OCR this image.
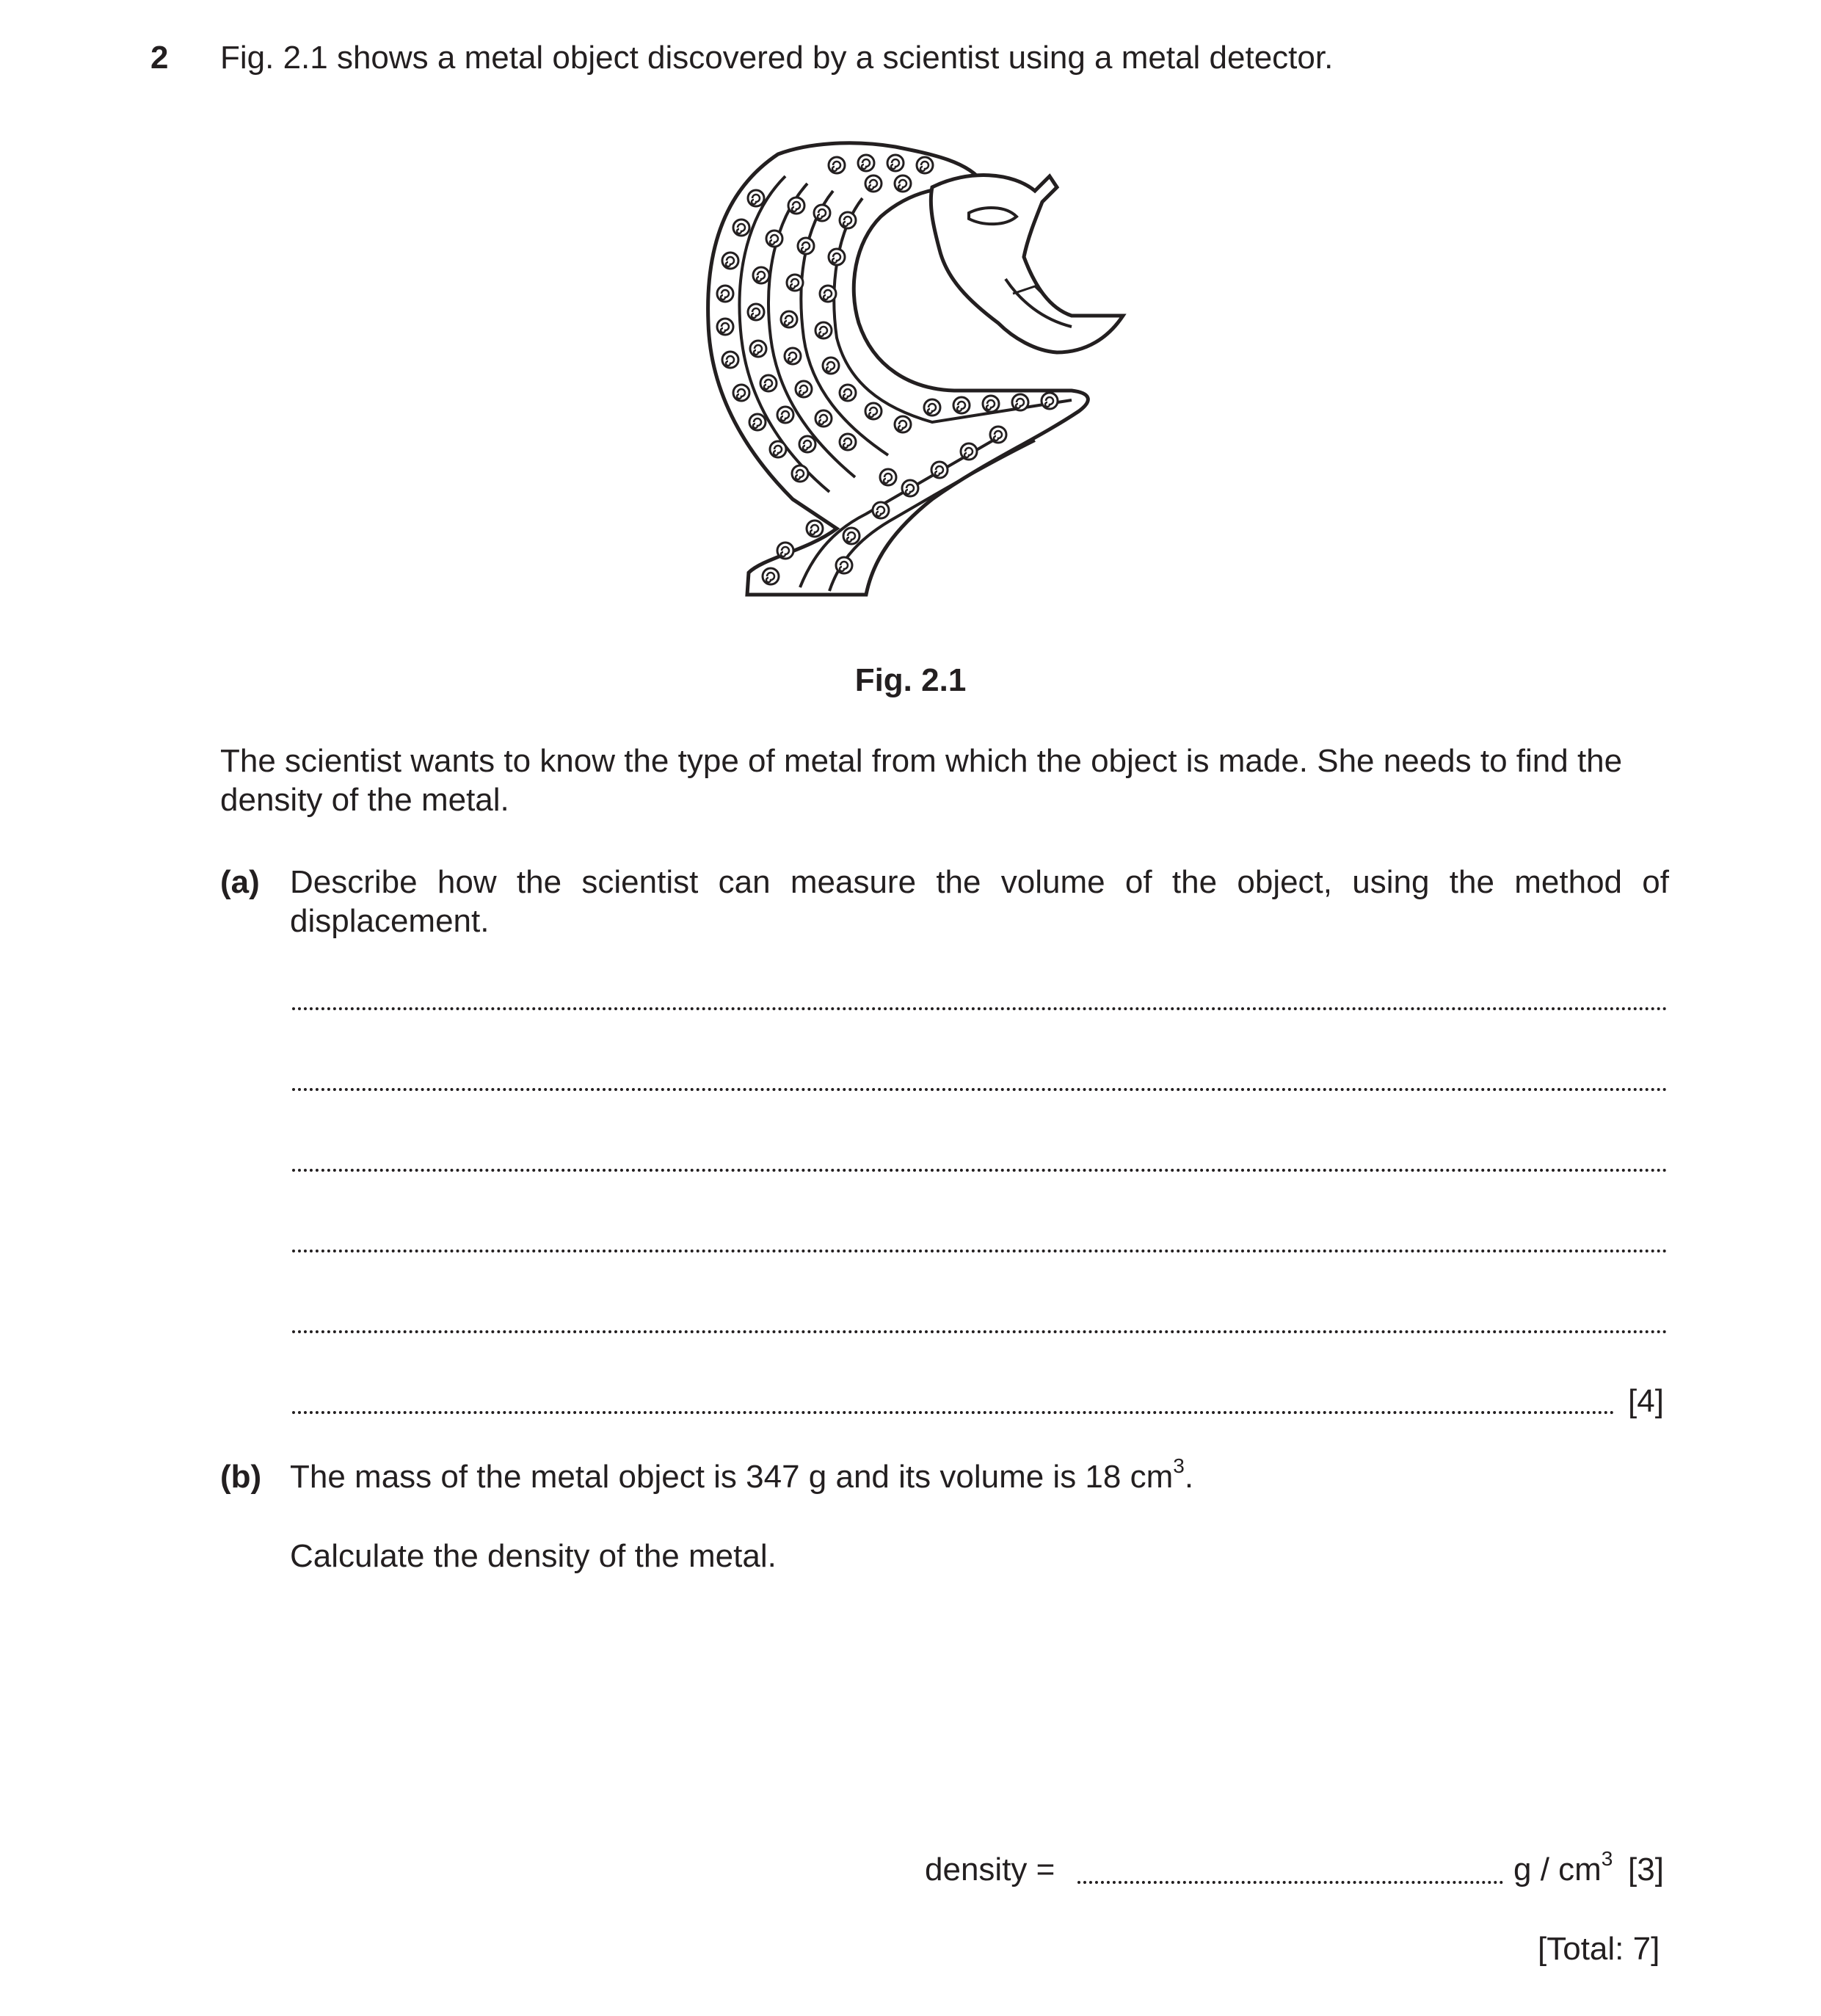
2 Fig. 2.1 shows a metal object discovered by a scientist using a metal detector.
Fig. 2.1
The scientist wants to know the type of metal from which the object is made. She needs to find the
density of the metal.
(a) Describe how the scientist can measure the volume of the object, using the method of
displacement.
[4]
(b) The mass of the metal object is 347 g and its volume is 18 $cm^3$.
Calculate the density of the metal.
density =	g / $cm^3$ [3]
[Total: 7]
